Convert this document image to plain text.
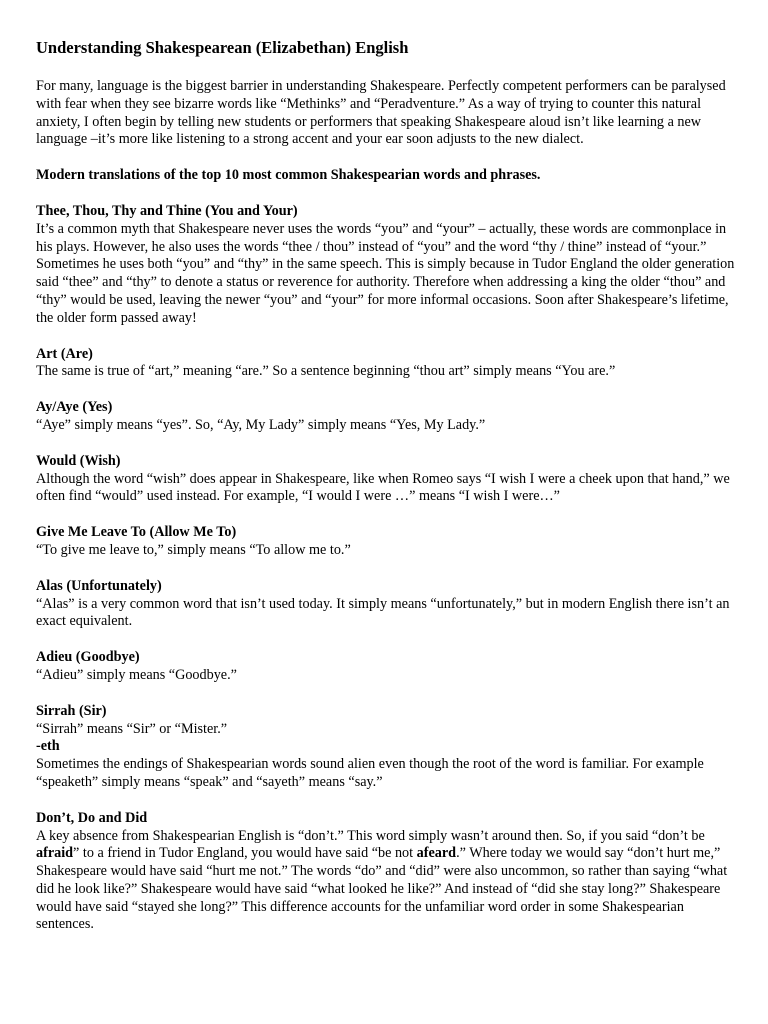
Understanding Shakespearean (Elizabethan) English

For many, language is the biggest barrier in understanding Shakespeare. Perfectly competent performers can be paralysed with fear when they see bizarre words like “Methinks” and “Peradventure.” As a way of trying to counter this natural anxiety, I often begin by telling new students or performers that speaking Shakespeare aloud isn’t like learning a new language –it’s more like listening to a strong accent and your ear soon adjusts to the new dialect.

Modern translations of the top 10 most common Shakespearian words and phrases.

Thee, Thou, Thy and Thine (You and Your)

It’s a common myth that Shakespeare never uses the words “you” and “your” – actually, these words are commonplace in his plays. However, he also uses the words “thee / thou” instead of “you” and the word “thy / thine” instead of “your.” Sometimes he uses both “you” and “thy” in the same speech. This is simply because in Tudor England the older generation said “thee” and “thy” to denote a status or reverence for authority. Therefore when addressing a king the older “thou” and “thy” would be used, leaving the newer “you” and “your” for more informal occasions. Soon after Shakespeare’s lifetime, the older form passed away!

Art (Are)

The same is true of “art,” meaning “are.” So a sentence beginning “thou art” simply means “You are.”

Ay/Aye (Yes)

“Aye” simply means “yes”. So, “Ay, My Lady” simply means “Yes, My Lady.”

Would (Wish)

Although the word “wish” does appear in Shakespeare, like when Romeo says “I wish I were a cheek upon that hand,” we often find “would” used instead. For example, “I would I were …” means “I wish I were…”

Give Me Leave To (Allow Me To)

“To give me leave to,” simply means “To allow me to.”

Alas (Unfortunately)

“Alas” is a very common word that isn’t used today. It simply means “unfortunately,” but in modern English there isn’t an exact equivalent.

Adieu (Goodbye)

“Adieu” simply means “Goodbye.”

Sirrah (Sir)

“Sirrah” means “Sir” or “Mister.”

-eth

Sometimes the endings of Shakespearian words sound alien even though the root of the word is familiar. For example “speaketh” simply means “speak” and “sayeth” means “say.”

Don’t, Do and Did

A key absence from Shakespearian English is “don’t.” This word simply wasn’t around then. So, if you said “don’t be afraid” to a friend in Tudor England, you would have said “be not afeard.” Where today we would say “don’t hurt me,” Shakespeare would have said “hurt me not.” The words “do” and “did” were also uncommon, so rather than saying “what did he look like?” Shakespeare would have said “what looked he like?” And instead of “did she stay long?” Shakespeare would have said “stayed she long?” This difference accounts for the unfamiliar word order in some Shakespearian sentences.
